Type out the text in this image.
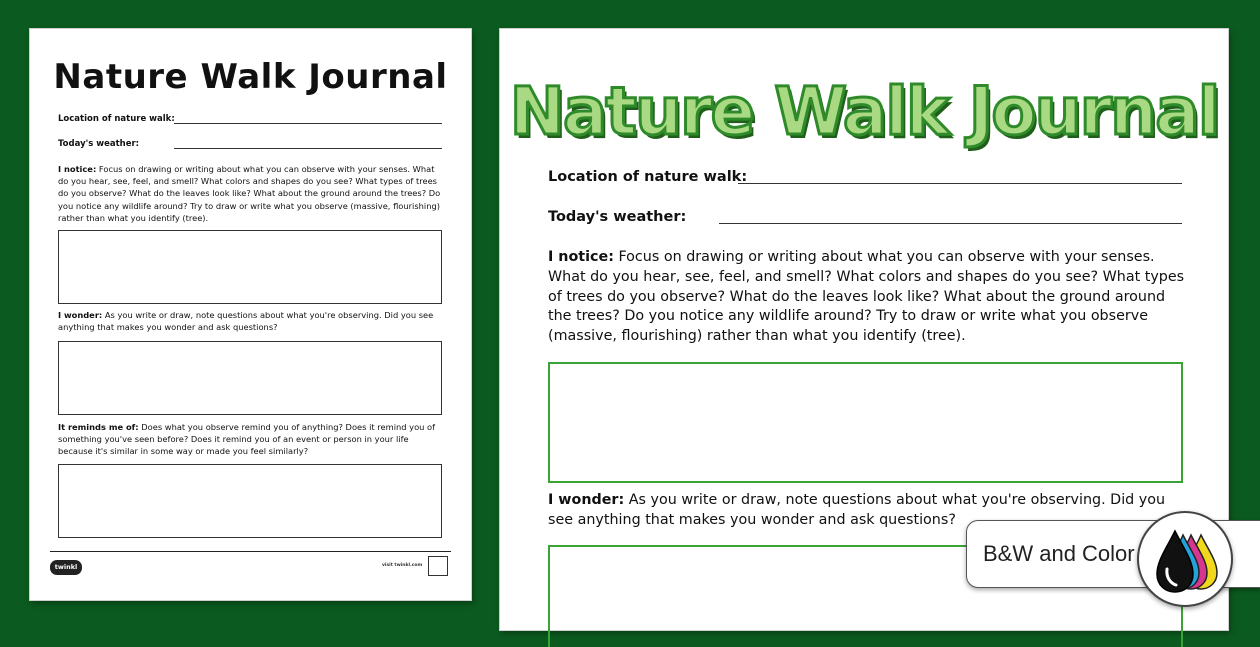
Nature Walk Journal
Location of nature walk:
Today's weather:
I notice: Focus on drawing or writing about what you can observe with your senses. What do you hear, see, feel, and smell? What colors and shapes do you see? What types of trees do you observe? What do the leaves look like? What about the ground around the trees? Do you notice any wildlife around? Try to draw or write what you observe (massive, flourishing) rather than what you identify (tree).
I wonder: As you write or draw, note questions about what you're observing. Did you see anything that makes you wonder and ask questions?
It reminds me of: Does what you observe remind you of anything? Does it remind you of something you've seen before? Does it remind you of an event or person in your life because it's similar in some way or made you feel similarly?
twinkl	visit twinkl.com
Nature Walk Journal
Location of nature walk:
Today's weather:
I notice: Focus on drawing or writing about what you can observe with your senses. What do you hear, see, feel, and smell? What colors and shapes do you see? What types of trees do you observe? What do the leaves look like? What about the ground around the trees? Do you notice any wildlife around? Try to draw or write what you observe (massive, flourishing) rather than what you identify (tree).
I wonder: As you write or draw, note questions about what you're observing. Did you see anything that makes you wonder and ask questions?
B&W and Color
